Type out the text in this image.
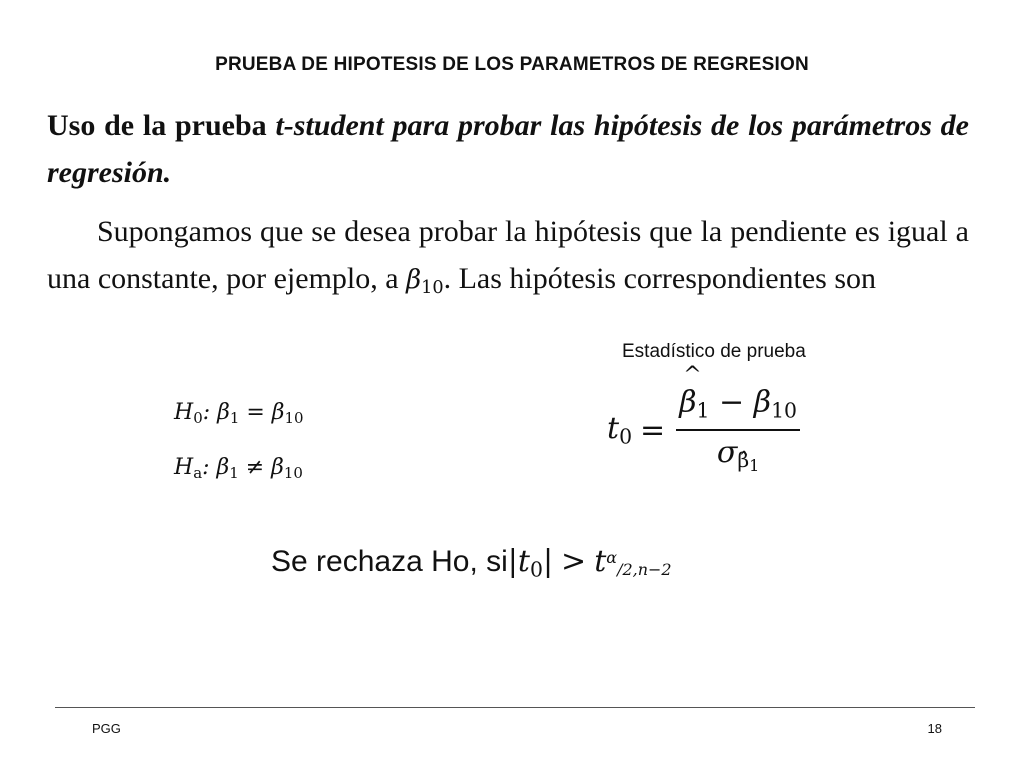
PRUEBA DE HIPOTESIS DE LOS PARAMETROS DE REGRESION
Uso de la prueba t-student para probar las hipótesis de los parámetros de regresión.
Supongamos que se desea probar la hipótesis que la pendiente es igual a una constante, por ejemplo, a $\beta_{10}$. Las hipótesis correspondientes son
Estadístico de prueba
$H_0$: $\beta_1 = \beta_{10}$
$H_a$: $\beta_1 \ne \beta_{10}$
$t_0$ =
^ $\frac{\beta_1 - \beta_{10}}{\sigma_{\betâ1}}$
Se rechaza Ho, si $|t_0| > t^\alpha/2,n-2$
PGG	18
